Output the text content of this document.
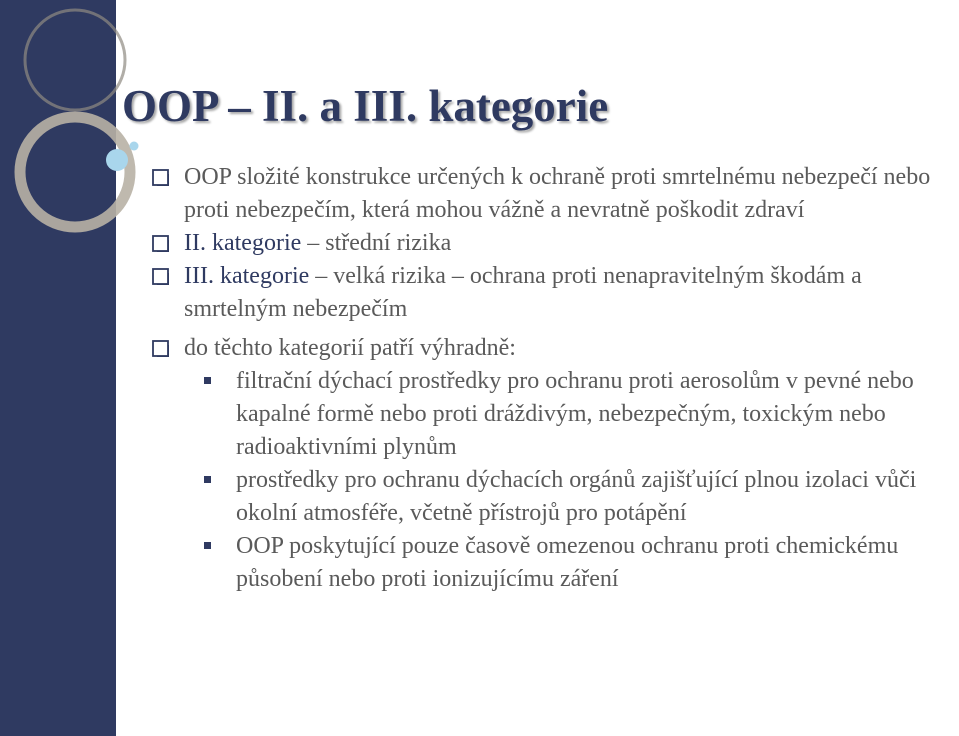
OOP – II. a III. kategorie
OOP složité konstrukce určených k ochraně proti smrtelnému nebezpečí nebo proti nebezpečím, která mohou vážně a nevratně poškodit zdraví
II. kategorie – střední rizika
III. kategorie – velká rizika – ochrana proti nenapravitelným škodám a smrtelným nebezpečím
do těchto kategorií patří výhradně:
filtrační dýchací prostředky pro ochranu proti aerosolům v pevné nebo kapalné formě nebo proti dráždivým, nebezpečným, toxickým nebo radioaktivními plynům
prostředky pro ochranu dýchacích orgánů zajišťující plnou izolaci vůči okolní atmosféře, včetně přístrojů pro potápění
OOP poskytující pouze časově omezenou ochranu proti chemickému působení nebo proti ionizujícímu záření
